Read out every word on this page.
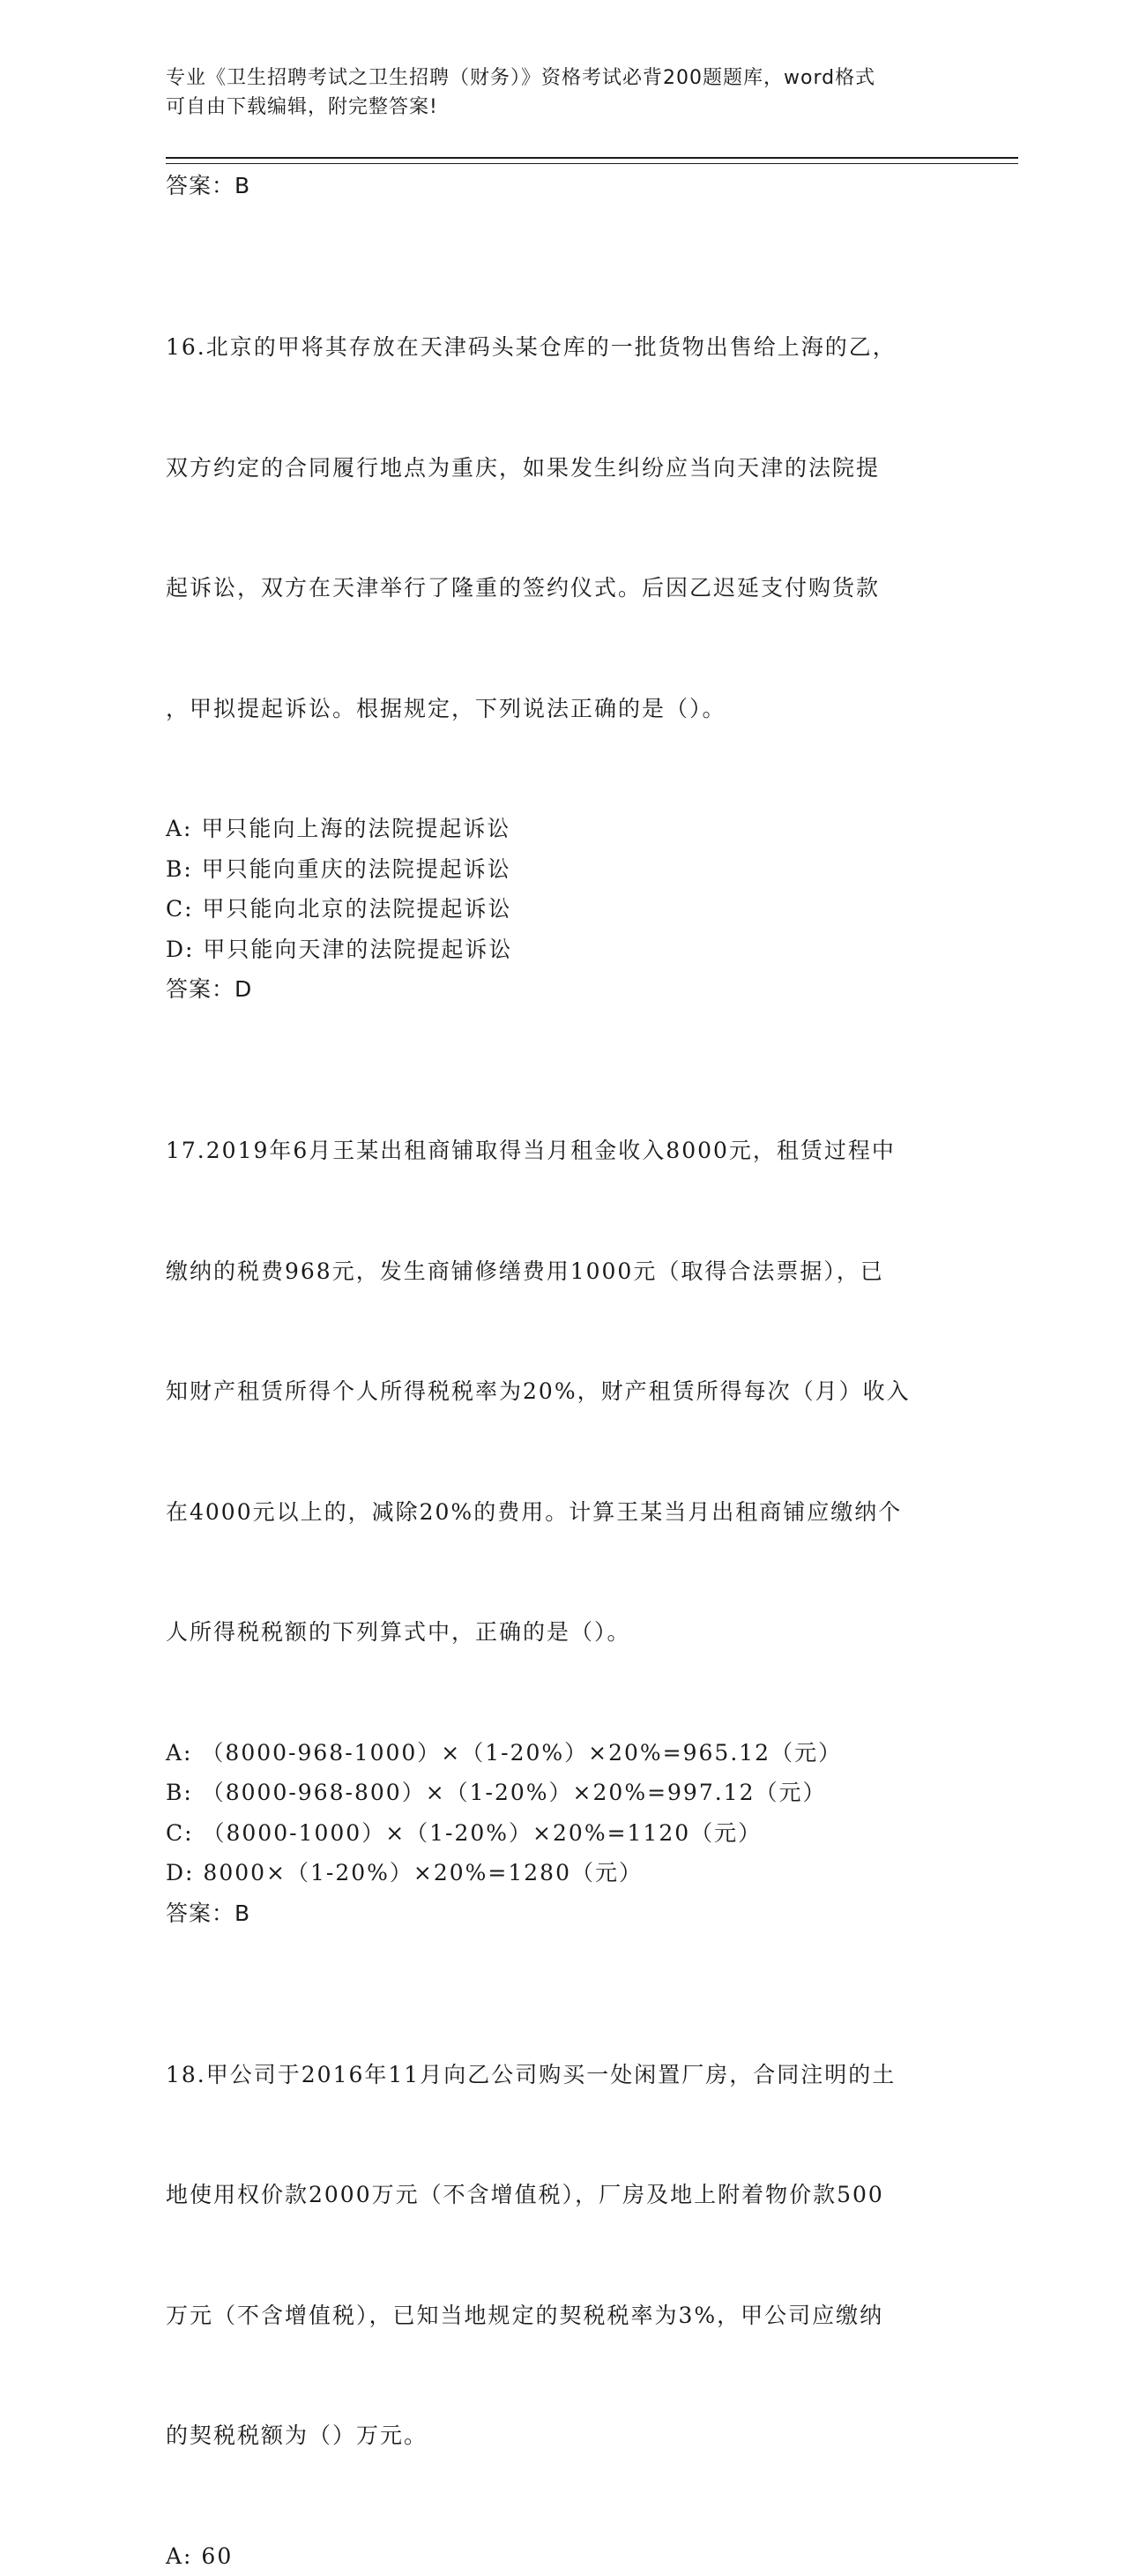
专业《卫生招聘考试之卫生招聘（财务）》资格考试必背200题题库，word格式
可自由下载编辑，附完整答案!
答案：B

16.北京的甲将其存放在天津码头某仓库的一批货物出售给上海的乙，

双方约定的合同履行地点为重庆，如果发生纠纷应当向天津的法院提

起诉讼，双方在天津举行了隆重的签约仪式。后因乙迟延支付购货款

，甲拟提起诉讼。根据规定，下列说法正确的是（）。

A: 甲只能向上海的法院提起诉讼
B: 甲只能向重庆的法院提起诉讼
C: 甲只能向北京的法院提起诉讼
D: 甲只能向天津的法院提起诉讼
答案：D

17.2019年6月王某出租商铺取得当月租金收入8000元，租赁过程中

缴纳的税费968元，发生商铺修缮费用1000元（取得合法票据），已

知财产租赁所得个人所得税税率为20%，财产租赁所得每次（月）收入

在4000元以上的，减除20%的费用。计算王某当月出租商铺应缴纳个

人所得税税额的下列算式中，正确的是（）。

A: （8000-968-1000）×（1-20%）×20%=965.12（元）
B: （8000-968-800）×（1-20%）×20%=997.12（元）
C: （8000-1000）×（1-20%）×20%=1120（元）
D: 8000×（1-20%）×20%=1280（元）
答案：B

18.甲公司于2016年11月向乙公司购买一处闲置厂房，合同注明的土

地使用权价款2000万元（不含增值税），厂房及地上附着物价款500

万元（不含增值税），已知当地规定的契税税率为3%，甲公司应缴纳

的契税税额为（）万元。

A: 60
